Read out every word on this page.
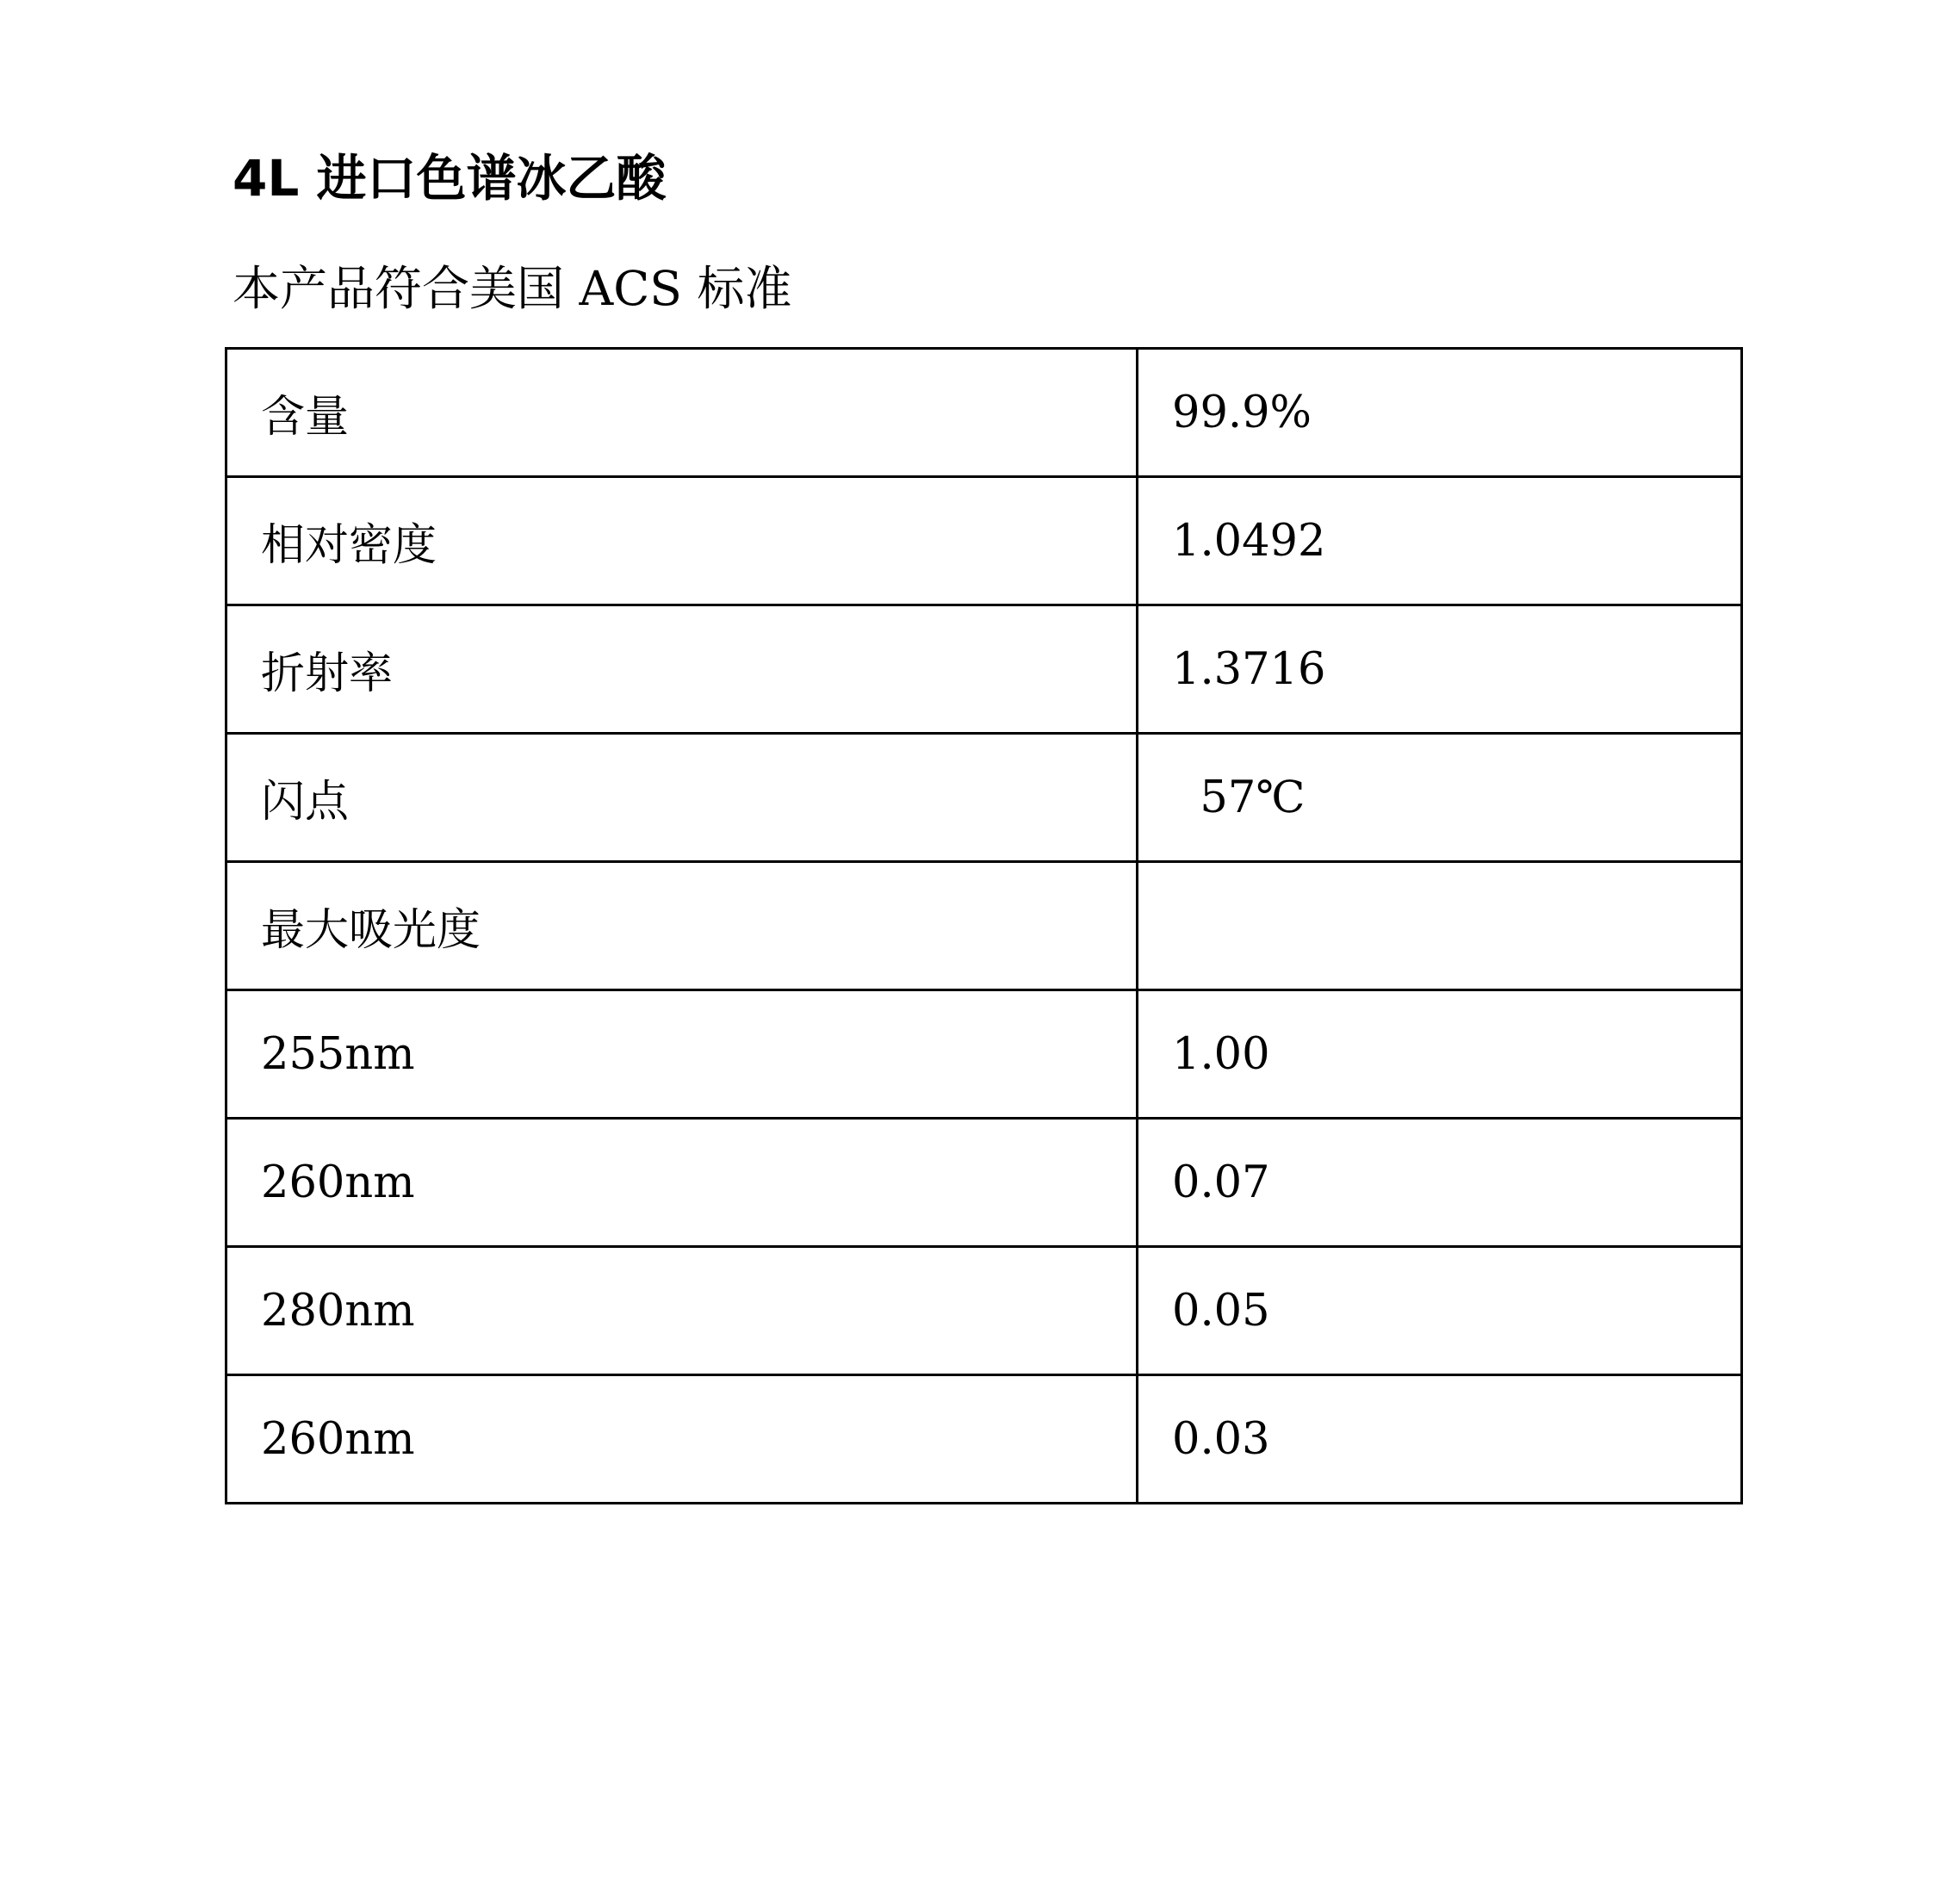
4L 进口色谱冰乙酸
本产品符合美国 ACS 标准
含量	99.9%
相对密度	1.0492
折射率	1.3716
闪点	57℃
最大吸光度	
255nm	1.00
260nm	0.07
280nm	0.05
260nm	0.03
